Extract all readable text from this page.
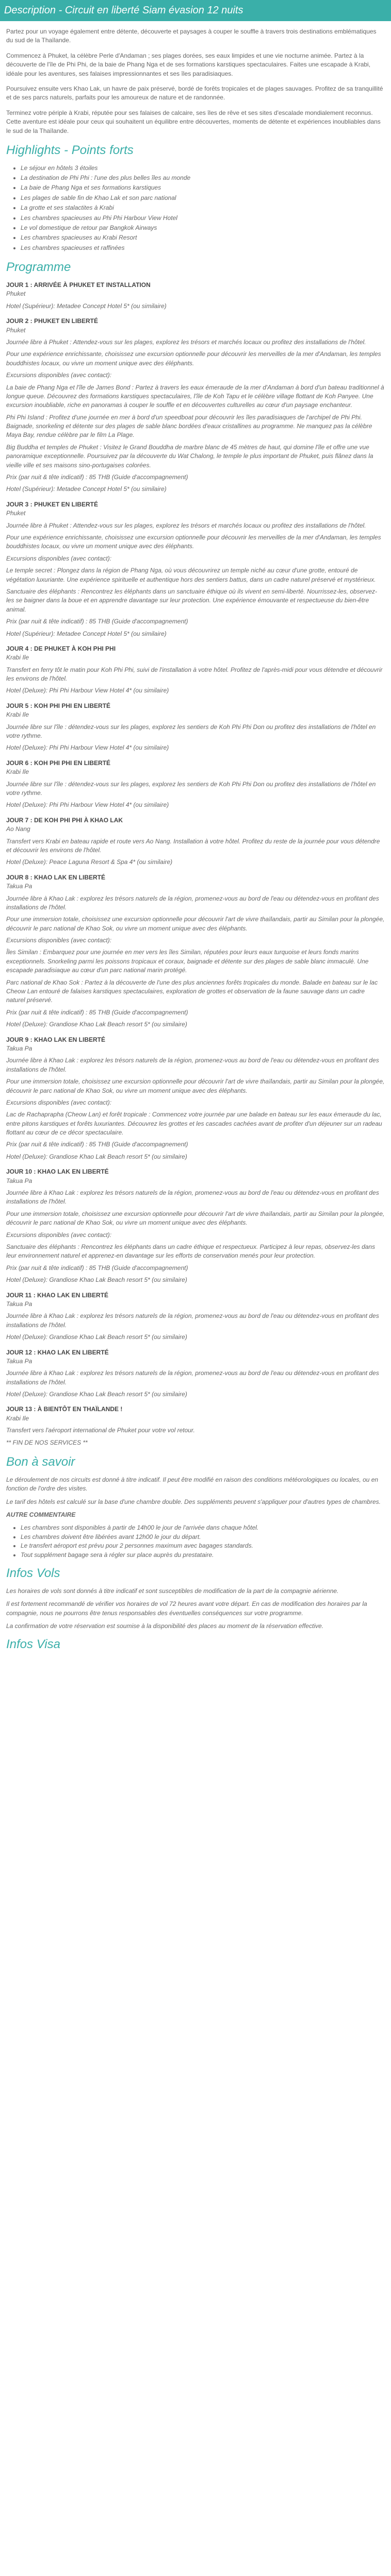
Description - Circuit en liberté Siam évasion 12 nuits

Partez pour un voyage également entre détente, découverte et paysages à couper le souffle à travers trois destinations emblématiques du sud de la Thaïlande.

Commencez à Phuket, la célèbre Perle d'Andaman ; ses plages dorées, ses eaux limpides et une vie nocturne animée. Partez à la découverte de l'île de Phi Phi, de la baie de Phang Nga et de ses formations karstiques spectaculaires. Faites une escapade à Krabi, idéale pour les aventures, ses falaises impressionnantes et ses îles paradisiaques.

Poursuivez ensuite vers Khao Lak, un havre de paix préservé, bordé de forêts tropicales et de plages sauvages. Profitez de sa tranquillité et de ses parcs naturels, parfaits pour les amoureux de nature et de randonnée.

Terminez votre périple à Krabi, réputée pour ses falaises de calcaire, ses îles de rêve et ses sites d'escalade mondialement reconnus. Cette aventure est idéale pour ceux qui souhaitent un équilibre entre découvertes, moments de détente et expériences inoubliables dans le sud de la Thaïlande.

Highlights - Points forts
• Le séjour en hôtels 3 étoiles
• La destination de Phi Phi : l'une des plus belles îles au monde
• La baie de Phang Nga et ses formations karstiques
• Les plages de sable fin de Khao Lak et son parc national
• La grotte et ses stalactites à Krabi
• Les chambres spacieuses au Phi Phi Harbour View Hotel
• Le vol domestique de retour par Bangkok Airways
• Les chambres spacieuses au Krabi Resort
• Les chambres spacieuses et raffinées
Programme

JOUR 1 : ARRIVÉE À PHUKET ET INSTALLATION

Phuket

Hotel (Supérieur): Metadee Concept Hotel 5* (ou similaire)

JOUR 2 : PHUKET EN LIBERTÉ

Phuket

Journée libre à Phuket : Attendez-vous sur les plages, explorez les trésors et marchés locaux ou profitez des installations de l'hôtel.

Pour une expérience enrichissante, choisissez une excursion optionnelle pour découvrir les merveilles de la mer d'Andaman, les temples bouddhistes locaux, ou vivre un moment unique avec des éléphants.

Excursions disponibles (avec contact):

La baie de Phang Nga et l'île de James Bond : Partez à travers les eaux émeraude de la mer d'Andaman à bord d'un bateau traditionnel à longue queue. Découvrez des formations karstiques spectaculaires, l'île de Koh Tapu et le célèbre village flottant de Koh Panyee. Une excursion inoubliable, riche en panoramas à couper le souffle et en découvertes culturelles au cœur d'un paysage enchanteur.

Phi Phi Island : Profitez d'une journée en mer à bord d'un speedboat pour découvrir les îles paradisiaques de l'archipel de Phi Phi. Baignade, snorkeling et détente sur des plages de sable blanc bordées d'eaux cristallines au programme. Ne manquez pas la célèbre Maya Bay, rendue célèbre par le film La Plage.

Big Buddha et temples de Phuket : Visitez le Grand Bouddha de marbre blanc de 45 mètres de haut, qui domine l'île et offre une vue panoramique exceptionnelle. Poursuivez par la découverte du Wat Chalong, le temple le plus important de Phuket, puis flânez dans la vieille ville et ses maisons sino-portugaises colorées.

Prix (par nuit & tête indicatif) : 85 THB (Guide d'accompagnement)

Hotel (Supérieur): Metadee Concept Hotel 5* (ou similaire)

JOUR 3 : PHUKET EN LIBERTÉ

Phuket

Journée libre à Phuket : Attendez-vous sur les plages, explorez les trésors et marchés locaux ou profitez des installations de l'hôtel.

Pour une expérience enrichissante, choisissez une excursion optionnelle pour découvrir les merveilles de la mer d'Andaman, les temples bouddhistes locaux, ou vivre un moment unique avec des éléphants.

Excursions disponibles (avec contact):

Le temple secret : Plongez dans la région de Phang Nga, où vous découvrirez un temple niché au cœur d'une grotte, entouré de végétation luxuriante. Une expérience spirituelle et authentique hors des sentiers battus, dans un cadre naturel préservé et mystérieux.

Sanctuaire des éléphants : Rencontrez les éléphants dans un sanctuaire éthique où ils vivent en semi-liberté. Nourrissez-les, observez-les se baigner dans la boue et en apprendre davantage sur leur protection. Une expérience émouvante et respectueuse du bien-être animal.

Prix (par nuit & tête indicatif) : 85 THB (Guide d'accompagnement)

Hotel (Supérieur): Metadee Concept Hotel 5* (ou similaire)

JOUR 4 : DE PHUKET À KOH PHI PHI

Krabi Ile

Transfert en ferry tôt le matin pour Koh Phi Phi, suivi de l'installation à votre hôtel. Profitez de l'après-midi pour vous détendre et découvrir les environs de l'hôtel.

Hotel (Deluxe): Phi Phi Harbour View Hotel 4* (ou similaire)

JOUR 5 : KOH PHI PHI EN LIBERTÉ

Krabi Ile

Journée libre sur l'île : détendez-vous sur les plages, explorez les sentiers de Koh Phi Phi Don ou profitez des installations de l'hôtel en votre rythme.

Hotel (Deluxe): Phi Phi Harbour View Hotel 4* (ou similaire)

JOUR 6 : KOH PHI PHI EN LIBERTÉ

Krabi Ile

Journée libre sur l'île : détendez-vous sur les plages, explorez les sentiers de Koh Phi Phi Don ou profitez des installations de l'hôtel en votre rythme.

Hotel (Deluxe): Phi Phi Harbour View Hotel 4* (ou similaire)

JOUR 7 : DE KOH PHI PHI À KHAO LAK

Ao Nang

Transfert vers Krabi en bateau rapide et route vers Ao Nang. Installation à votre hôtel. Profitez du reste de la journée pour vous détendre et découvrir les environs de l'hôtel.

Hotel (Deluxe): Peace Laguna Resort & Spa 4* (ou similaire)

JOUR 8 : KHAO LAK EN LIBERTÉ

Takua Pa

Journée libre à Khao Lak : explorez les trésors naturels de la région, promenez-vous au bord de l'eau ou détendez-vous en profitant des installations de l'hôtel.

Pour une immersion totale, choisissez une excursion optionnelle pour découvrir l'art de vivre thaïlandais, partir au Similan pour la plongée, découvrir le parc national de Khao Sok, ou vivre un moment unique avec des éléphants.

Excursions disponibles (avec contact):

Îles Similan : Embarquez pour une journée en mer vers les îles Similan, réputées pour leurs eaux turquoise et leurs fonds marins exceptionnels. Snorkeling parmi les poissons tropicaux et coraux, baignade et détente sur des plages de sable blanc immaculé. Une escapade paradisiaque au cœur d'un parc national marin protégé.

Parc national de Khao Sok : Partez à la découverte de l'une des plus anciennes forêts tropicales du monde. Balade en bateau sur le lac Cheow Lan entouré de falaises karstiques spectaculaires, exploration de grottes et observation de la faune sauvage dans un cadre naturel préservé.

Prix (par nuit & tête indicatif) : 85 THB (Guide d'accompagnement)

Hotel (Deluxe): Grandiose Khao Lak Beach resort 5* (ou similaire)

JOUR 9 : KHAO LAK EN LIBERTÉ

Takua Pa

Journée libre à Khao Lak : explorez les trésors naturels de la région, promenez-vous au bord de l'eau ou détendez-vous en profitant des installations de l'hôtel.

Pour une immersion totale, choisissez une excursion optionnelle pour découvrir l'art de vivre thaïlandais, partir au Similan pour la plongée, découvrir le parc national de Khao Sok, ou vivre un moment unique avec des éléphants.

Excursions disponibles (avec contact):

Lac de Rachaprapha (Cheow Lan) et forêt tropicale : Commencez votre journée par une balade en bateau sur les eaux émeraude du lac, entre pitons karstiques et forêts luxuriantes. Découvrez les grottes et les cascades cachées avant de profiter d'un déjeuner sur un radeau flottant au cœur de ce décor spectaculaire.

Prix (par nuit & tête indicatif) : 85 THB (Guide d'accompagnement)

Hotel (Deluxe): Grandiose Khao Lak Beach resort 5* (ou similaire)

JOUR 10 : KHAO LAK EN LIBERTÉ

Takua Pa

Journée libre à Khao Lak : explorez les trésors naturels de la région, promenez-vous au bord de l'eau ou détendez-vous en profitant des installations de l'hôtel.

Pour une immersion totale, choisissez une excursion optionnelle pour découvrir l'art de vivre thaïlandais, partir au Similan pour la plongée, découvrir le parc national de Khao Sok, ou vivre un moment unique avec des éléphants.

Excursions disponibles (avec contact):

Sanctuaire des éléphants : Rencontrez les éléphants dans un cadre éthique et respectueux. Participez à leur repas, observez-les dans leur environnement naturel et apprenez-en davantage sur les efforts de conservation menés pour leur protection.

Prix (par nuit & tête indicatif) : 85 THB (Guide d'accompagnement)

Hotel (Deluxe): Grandiose Khao Lak Beach resort 5* (ou similaire)

JOUR 11 : KHAO LAK EN LIBERTÉ

Takua Pa

Journée libre à Khao Lak : explorez les trésors naturels de la région, promenez-vous au bord de l'eau ou détendez-vous en profitant des installations de l'hôtel.

Hotel (Deluxe): Grandiose Khao Lak Beach resort 5* (ou similaire)

JOUR 12 : KHAO LAK EN LIBERTÉ

Takua Pa

Journée libre à Khao Lak : explorez les trésors naturels de la région, promenez-vous au bord de l'eau ou détendez-vous en profitant des installations de l'hôtel.

Hotel (Deluxe): Grandiose Khao Lak Beach resort 5* (ou similaire)

JOUR 13 : À BIENTÔT EN THAÏLANDE !

Krabi Ile

Transfert vers l'aéroport international de Phuket pour votre vol retour.

** FIN DE NOS SERVICES **

Bon à savoir

Le déroulement de nos circuits est donné à titre indicatif. Il peut être modifié en raison des conditions météorologiques ou locales, ou en fonction de l'ordre des visites.

Le tarif des hôtels est calculé sur la base d'une chambre double. Des suppléments peuvent s'appliquer pour d'autres types de chambres.

AUTRE COMMENTAIRE

• Les chambres sont disponibles à partir de 14h00 le jour de l'arrivée dans chaque hôtel.
• Les chambres doivent être libérées avant 12h00 le jour du départ.
• Le transfert aéroport est prévu pour 2 personnes maximum avec bagages standards.
• Tout supplément bagage sera à régler sur place auprès du prestataire.
Infos Vols

Les horaires de vols sont donnés à titre indicatif et sont susceptibles de modification de la part de la compagnie aérienne.

Il est fortement recommandé de vérifier vos horaires de vol 72 heures avant votre départ. En cas de modification des horaires par la compagnie, nous ne pourrons être tenus responsables des éventuelles conséquences sur votre programme.

La confirmation de votre réservation est soumise à la disponibilité des places au moment de la réservation effective.

Infos Visa
